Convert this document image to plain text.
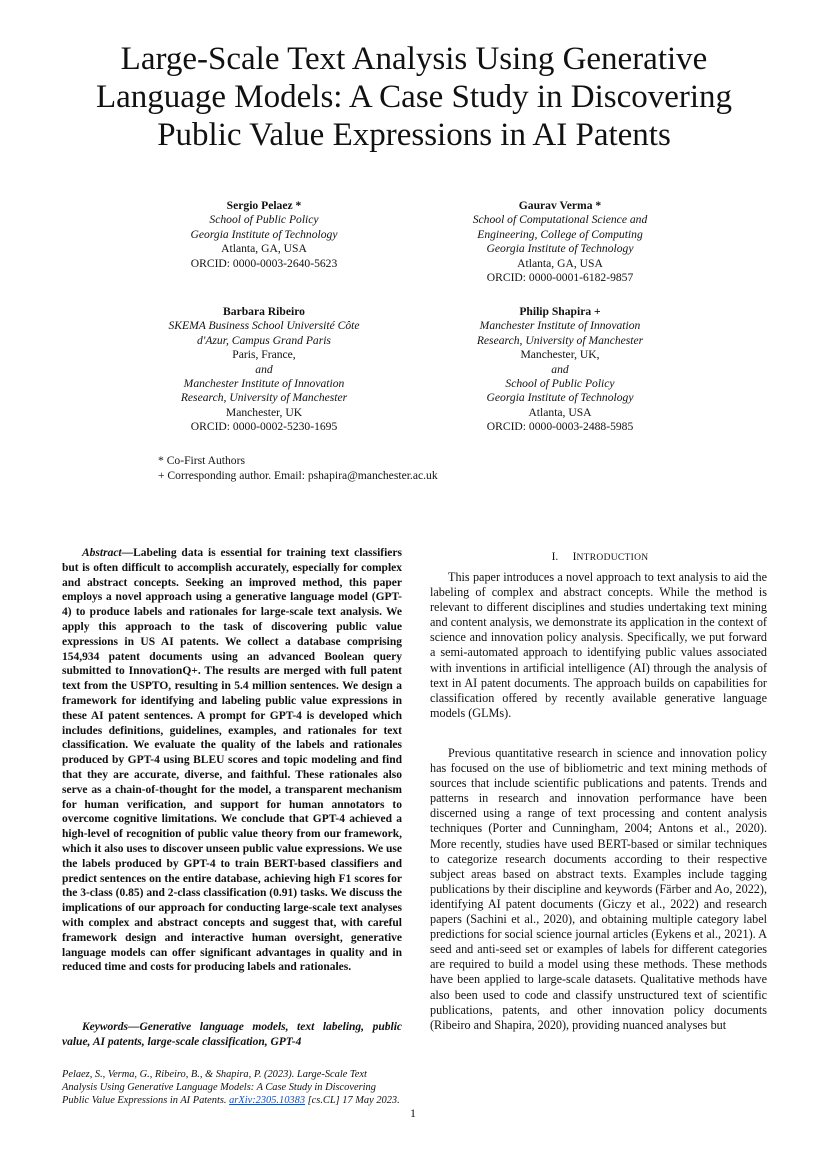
Large-Scale Text Analysis Using Generative
Language Models: A Case Study in Discovering
Public Value Expressions in AI Patents
Sergio Pelaez *
School of Public Policy
Georgia Institute of Technology
Atlanta, GA, USA
ORCID: 0000-0003-2640-5623
Gaurav Verma *
School of Computational Science and
Engineering, College of Computing
Georgia Institute of Technology
Atlanta, GA, USA
ORCID: 0000-0001-6182-9857
Barbara Ribeiro
SKEMA Business School Université Côte
d'Azur, Campus Grand Paris
Paris, France,
and
Manchester Institute of Innovation
Research, University of Manchester
Manchester, UK
ORCID: 0000-0002-5230-1695
Philip Shapira +
Manchester Institute of Innovation
Research, University of Manchester
Manchester, UK,
and
School of Public Policy
Georgia Institute of Technology
Atlanta, USA
ORCID: 0000-0003-2488-5985
* Co-First Authors
+ Corresponding author. Email: pshapira@manchester.ac.uk
Abstract—Labeling data is essential for training text classifiers but is often difficult to accomplish accurately, especially for complex and abstract concepts. Seeking an improved method, this paper employs a novel approach using a generative language model (GPT-4) to produce labels and rationales for large-scale text analysis. We apply this approach to the task of discovering public value expressions in US AI patents. We collect a database comprising 154,934 patent documents using an advanced Boolean query submitted to InnovationQ+. The results are merged with full patent text from the USPTO, resulting in 5.4 million sentences. We design a framework for identifying and labeling public value expressions in these AI patent sentences. A prompt for GPT-4 is developed which includes definitions, guidelines, examples, and rationales for text classification. We evaluate the quality of the labels and rationales produced by GPT-4 using BLEU scores and topic modeling and find that they are accurate, diverse, and faithful. These rationales also serve as a chain-of-thought for the model, a transparent mechanism for human verification, and support for human annotators to overcome cognitive limitations. We conclude that GPT-4 achieved a high-level of recognition of public value theory from our framework, which it also uses to discover unseen public value expressions. We use the labels produced by GPT-4 to train BERT-based classifiers and predict sentences on the entire database, achieving high F1 scores for the 3-class (0.85) and 2-class classification (0.91) tasks. We discuss the implications of our approach for conducting large-scale text analyses with complex and abstract concepts and suggest that, with careful framework design and interactive human oversight, generative language models can offer significant advantages in quality and in reduced time and costs for producing labels and rationales.
Keywords—Generative language models, text labeling, public value, AI patents, large-scale classification, GPT-4
Pelaez, S., Verma, G., Ribeiro, B., & Shapira, P. (2023). Large-Scale Text Analysis Using Generative Language Models: A Case Study in Discovering Public Value Expressions in AI Patents. arXiv:2305.10383 [cs.CL] 17 May 2023.
1
I. INTRODUCTION
This paper introduces a novel approach to text analysis to aid the labeling of complex and abstract concepts. While the method is relevant to different disciplines and studies undertaking text mining and content analysis, we demonstrate its application in the context of science and innovation policy analysis. Specifically, we put forward a semi-automated approach to identifying public values associated with inventions in artificial intelligence (AI) through the analysis of text in AI patent documents. The approach builds on capabilities for classification offered by recently available generative language models (GLMs).
Previous quantitative research in science and innovation policy has focused on the use of bibliometric and text mining methods of sources that include scientific publications and patents. Trends and patterns in research and innovation performance have been discerned using a range of text processing and content analysis techniques (Porter and Cunningham, 2004; Antons et al., 2020). More recently, studies have used BERT-based or similar techniques to categorize research documents according to their respective subject areas based on abstract texts. Examples include tagging publications by their discipline and keywords (Färber and Ao, 2022), identifying AI patent documents (Giczy et al., 2022) and research papers (Sachini et al., 2020), and obtaining multiple category label predictions for social science journal articles (Eykens et al., 2021). A seed and anti-seed set or examples of labels for different categories are required to build a model using these methods. These methods have been applied to large-scale datasets. Qualitative methods have also been used to code and classify unstructured text of scientific publications, patents, and other innovation policy documents (Ribeiro and Shapira, 2020), providing nuanced analyses but
